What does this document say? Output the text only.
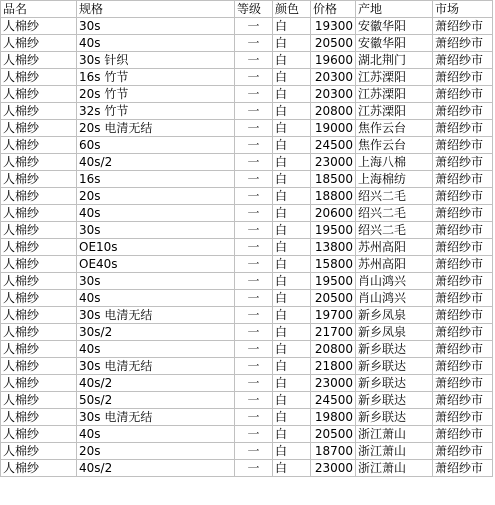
品名	规格	等级	颜色	价格	产地	市场
人棉纱	30s	一	白	19300	安徽华阳	萧绍纱市
人棉纱	40s	一	白	20500	安徽华阳	萧绍纱市
人棉纱	30s 针织	一	白	19600	湖北荆门	萧绍纱市
人棉纱	16s 竹节	一	白	20300	江苏溧阳	萧绍纱市
人棉纱	20s 竹节	一	白	20300	江苏溧阳	萧绍纱市
人棉纱	32s 竹节	一	白	20800	江苏溧阳	萧绍纱市
人棉纱	20s 电清无结	一	白	19000	焦作云台	萧绍纱市
人棉纱	60s	一	白	24500	焦作云台	萧绍纱市
人棉纱	40s/2	一	白	23000	上海八棉	萧绍纱市
人棉纱	16s	一	白	18500	上海棉纺	萧绍纱市
人棉纱	20s	一	白	18800	绍兴二毛	萧绍纱市
人棉纱	40s	一	白	20600	绍兴二毛	萧绍纱市
人棉纱	30s	一	白	19500	绍兴二毛	萧绍纱市
人棉纱	OE10s	一	白	13800	苏州高阳	萧绍纱市
人棉纱	OE40s	一	白	15800	苏州高阳	萧绍纱市
人棉纱	30s	一	白	19500	肖山鸿兴	萧绍纱市
人棉纱	40s	一	白	20500	肖山鸿兴	萧绍纱市
人棉纱	30s 电清无结	一	白	19700	新乡凤泉	萧绍纱市
人棉纱	30s/2	一	白	21700	新乡凤泉	萧绍纱市
人棉纱	40s	一	白	20800	新乡联达	萧绍纱市
人棉纱	30s 电清无结	一	白	21800	新乡联达	萧绍纱市
人棉纱	40s/2	一	白	23000	新乡联达	萧绍纱市
人棉纱	50s/2	一	白	24500	新乡联达	萧绍纱市
人棉纱	30s 电清无结	一	白	19800	新乡联达	萧绍纱市
人棉纱	40s	一	白	20500	浙江萧山	萧绍纱市
人棉纱	20s	一	白	18700	浙江萧山	萧绍纱市
人棉纱	40s/2	一	白	23000	浙江萧山	萧绍纱市
